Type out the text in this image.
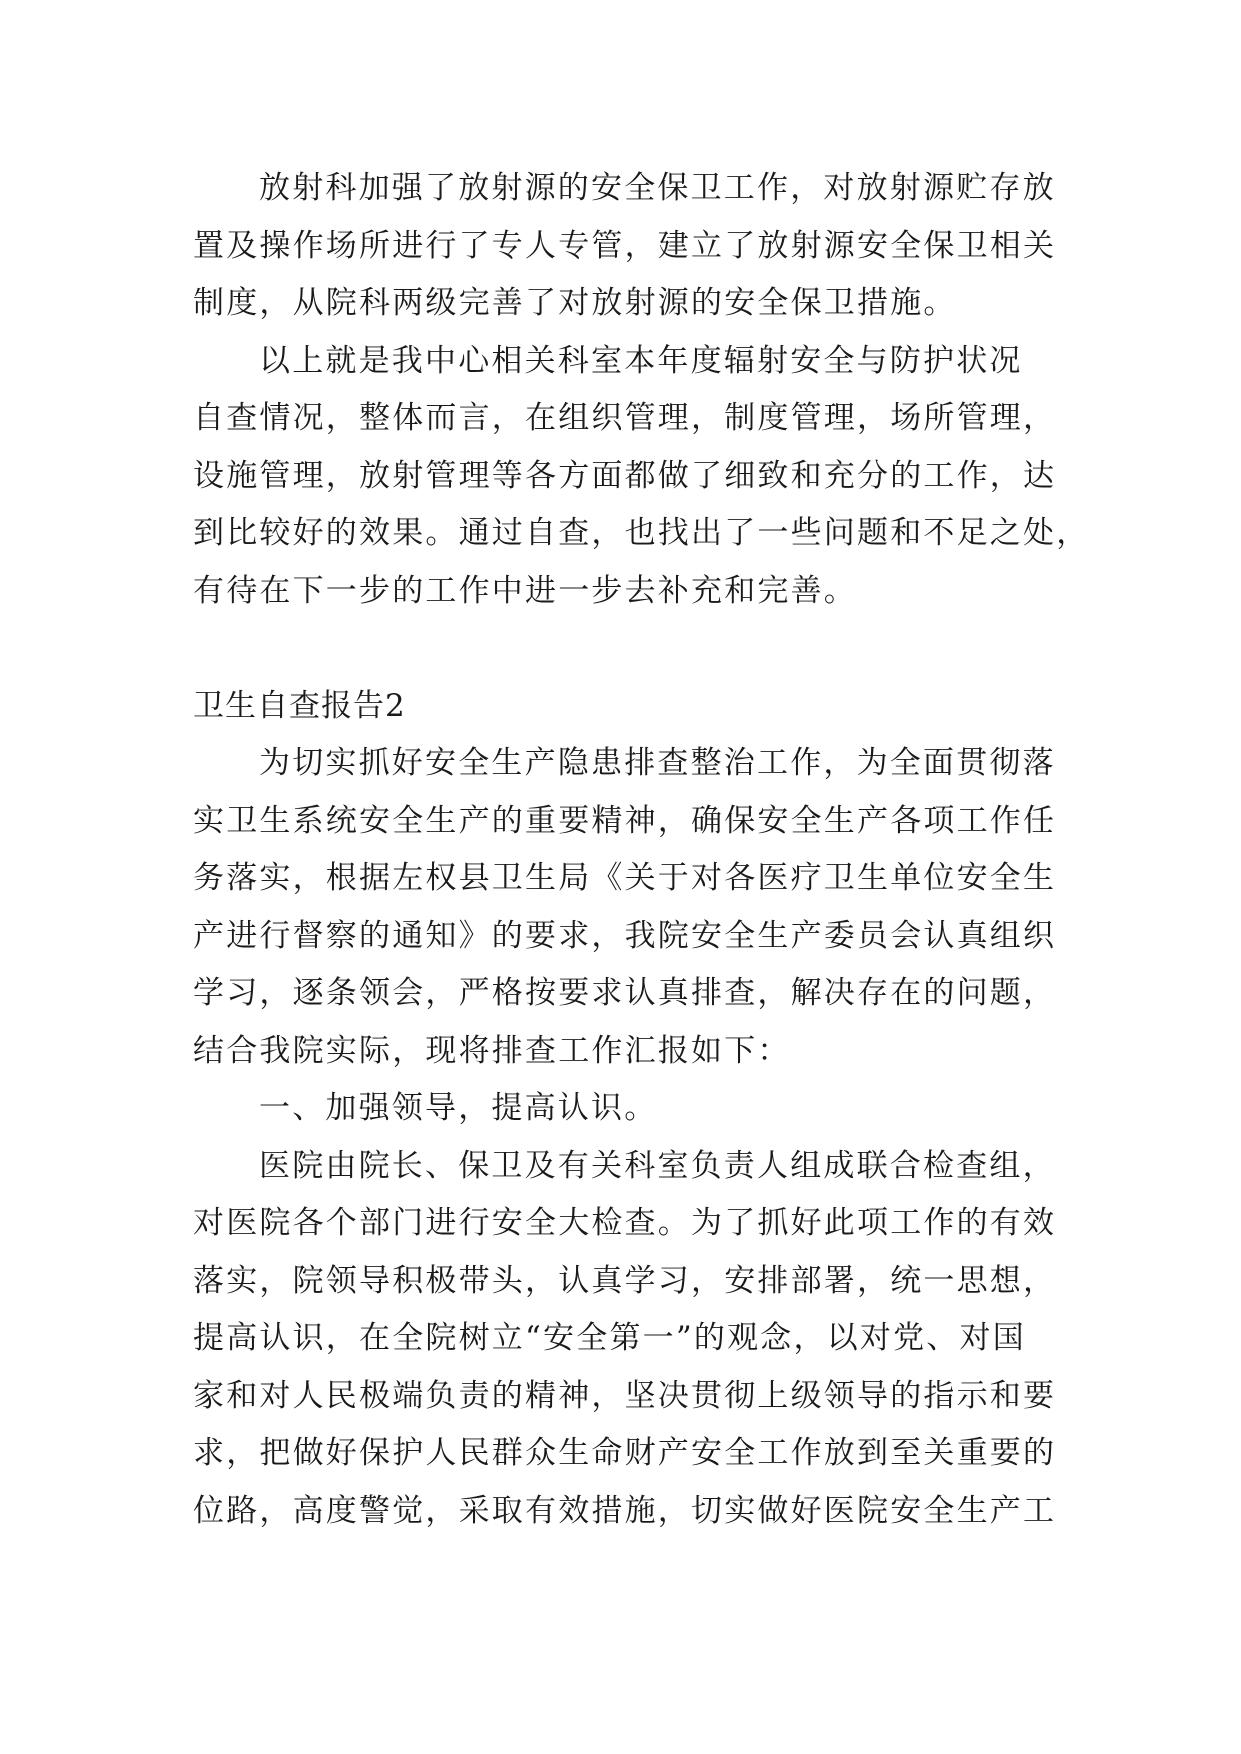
放射科加强了放射源的安全保卫工作，对放射源贮存放
置及操作场所进行了专人专管，建立了放射源安全保卫相关
制度，从院科两级完善了对放射源的安全保卫措施。
以上就是我中心相关科室本年度辐射安全与防护状况
自查情况，整体而言，在组织管理，制度管理，场所管理，
设施管理，放射管理等各方面都做了细致和充分的工作，达
到比较好的效果。通过自查，也找出了一些问题和不足之处，
有待在下一步的工作中进一步去补充和完善。
卫生自查报告2
为切实抓好安全生产隐患排查整治工作，为全面贯彻落
实卫生系统安全生产的重要精神，确保安全生产各项工作任
务落实，根据左权县卫生局《关于对各医疗卫生单位安全生
产进行督察的通知》的要求，我院安全生产委员会认真组织
学习，逐条领会，严格按要求认真排查，解决存在的问题，
结合我院实际，现将排查工作汇报如下：
一、加强领导，提高认识。
医院由院长、保卫及有关科室负责人组成联合检查组，
对医院各个部门进行安全大检查。为了抓好此项工作的有效
落实，院领导积极带头，认真学习，安排部署，统一思想，
提高认识，在全院树立“安全第一”的观念，以对党、对国
家和对人民极端负责的精神，坚决贯彻上级领导的指示和要
求，把做好保护人民群众生命财产安全工作放到至关重要的
位路，高度警觉，采取有效措施，切实做好医院安全生产工
